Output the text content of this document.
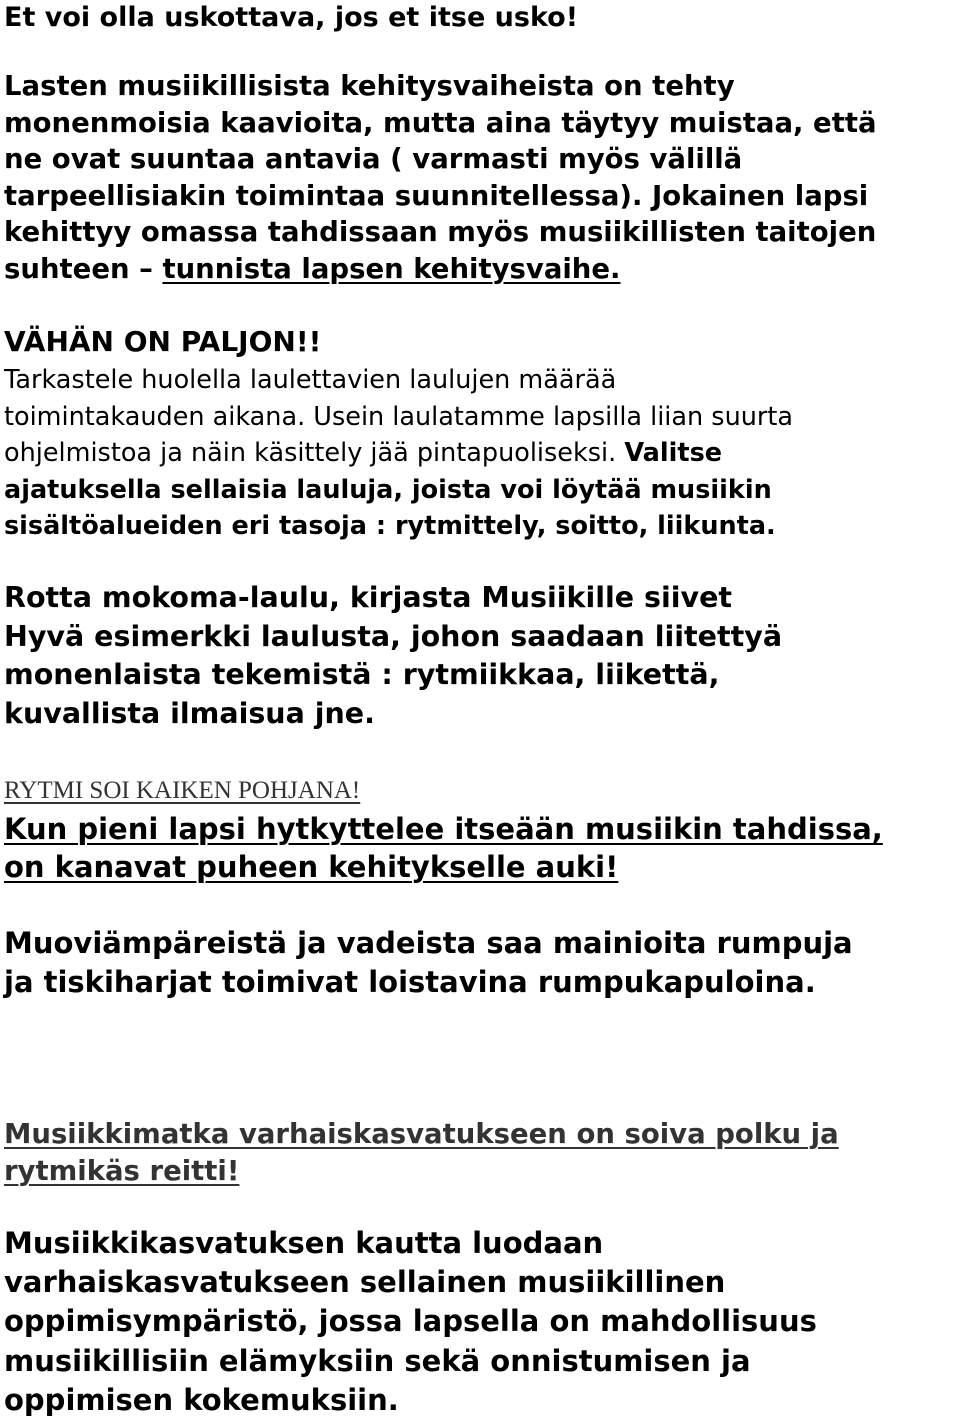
Et voi olla uskottava, jos et itse usko!

Lasten musiikillisista kehitysvaiheista on tehty

monenmoisia kaavioita, mutta aina täytyy muistaa, että

ne ovat suuntaa antavia ( varmasti myös välillä

tarpeellisiakin toimintaa suunnitellessa). Jokainen lapsi

kehittyy omassa tahdissaan myös musiikillisten taitojen

suhteen – tunnista lapsen kehitysvaihe.

VÄHÄN ON PALJON!!

Tarkastele huolella laulettavien laulujen määrää

toimintakauden aikana. Usein laulatamme lapsilla liian suurta

ohjelmistoa ja näin käsittely jää pintapuoliseksi. Valitse

ajatuksella sellaisia lauluja, joista voi löytää musiikin

sisältöalueiden eri tasoja : rytmittely, soitto, liikunta.

Rotta mokoma-laulu, kirjasta Musiikille siivet

Hyvä esimerkki laulusta, johon saadaan liitettyä

monenlaista tekemistä : rytmiikkaa, liikettä,

kuvallista ilmaisua jne.

RYTMI SOI KAIKEN POHJANA!

Kun pieni lapsi hytkyttelee itseään musiikin tahdissa,

on kanavat puheen kehitykselle auki!

Muoviämpäreistä ja vadeista saa mainioita rumpuja

ja tiskiharjat toimivat loistavina rumpukapuloina.

Musiikkimatka varhaiskasvatukseen on soiva polku ja

rytmikäs reitti!

Musiikkikasvatuksen kautta luodaan

varhaiskasvatukseen sellainen musiikillinen

oppimisympäristö, jossa lapsella on mahdollisuus

musiikillisiin elämyksiin sekä onnistumisen ja

oppimisen kokemuksiin.
